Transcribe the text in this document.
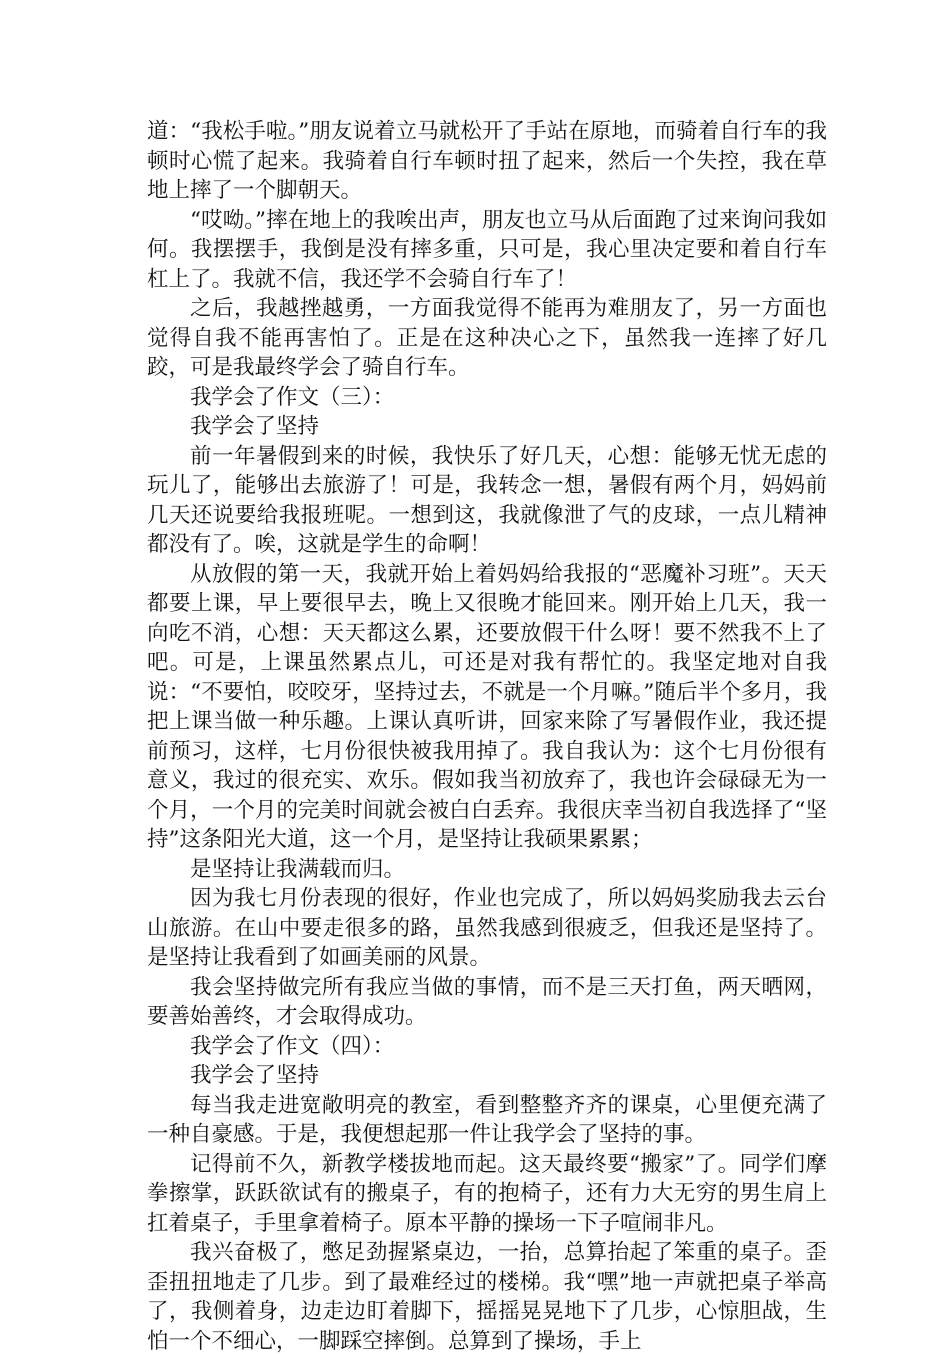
道：“我松手啦。”朋友说着立马就松开了手站在原地，而骑着自行车的我顿时心慌了起来。我骑着自行车顿时扭了起来，然后一个失控，我在草地上摔了一个脚朝天。

“哎呦。”摔在地上的我唉出声，朋友也立马从后面跑了过来询问我如何。我摆摆手，我倒是没有摔多重，只可是，我心里决定要和着自行车杠上了。我就不信，我还学不会骑自行车了！

之后，我越挫越勇，一方面我觉得不能再为难朋友了，另一方面也觉得自我不能再害怕了。正是在这种决心之下，虽然我一连摔了好几跤，可是我最终学会了骑自行车。

我学会了作文（三）：

我学会了坚持

前一年暑假到来的时候，我快乐了好几天，心想：能够无忧无虑的玩儿了，能够出去旅游了！可是，我转念一想，暑假有两个月，妈妈前几天还说要给我报班呢。一想到这，我就像泄了气的皮球，一点儿精神都没有了。唉，这就是学生的命啊！

从放假的第一天，我就开始上着妈妈给我报的“恶魔补习班”。天天都要上课，早上要很早去，晚上又很晚才能回来。刚开始上几天，我一向吃不消，心想：天天都这么累，还要放假干什么呀！要不然我不上了吧。可是，上课虽然累点儿，可还是对我有帮忙的。我坚定地对自我说：“不要怕，咬咬牙，坚持过去，不就是一个月嘛。”随后半个多月，我把上课当做一种乐趣。上课认真听讲，回家来除了写暑假作业，我还提前预习，这样，七月份很快被我用掉了。我自我认为：这个七月份很有意义，我过的很充实、欢乐。假如我当初放弃了，我也许会碌碌无为一个月，一个月的完美时间就会被白白丢弃。我很庆幸当初自我选择了“坚持”这条阳光大道，这一个月，是坚持让我硕果累累；

是坚持让我满载而归。

因为我七月份表现的很好，作业也完成了，所以妈妈奖励我去云台山旅游。在山中要走很多的路，虽然我感到很疲乏，但我还是坚持了。是坚持让我看到了如画美丽的风景。

我会坚持做完所有我应当做的事情，而不是三天打鱼，两天晒网，要善始善终，才会取得成功。

我学会了作文（四）：

我学会了坚持

每当我走进宽敞明亮的教室，看到整整齐齐的课桌，心里便充满了一种自豪感。于是，我便想起那一件让我学会了坚持的事。

记得前不久，新教学楼拔地而起。这天最终要“搬家”了。同学们摩拳擦掌，跃跃欲试有的搬桌子，有的抱椅子，还有力大无穷的男生肩上扛着桌子，手里拿着椅子。原本平静的操场一下子喧闹非凡。

我兴奋极了，憋足劲握紧桌边，一抬，总算抬起了笨重的桌子。歪歪扭扭地走了几步。到了最难经过的楼梯。我“嘿”地一声就把桌子举高了，我侧着身，边走边盯着脚下，摇摇晃晃地下了几步，心惊胆战，生怕一个不细心，一脚踩空摔倒。总算到了操场，手上
